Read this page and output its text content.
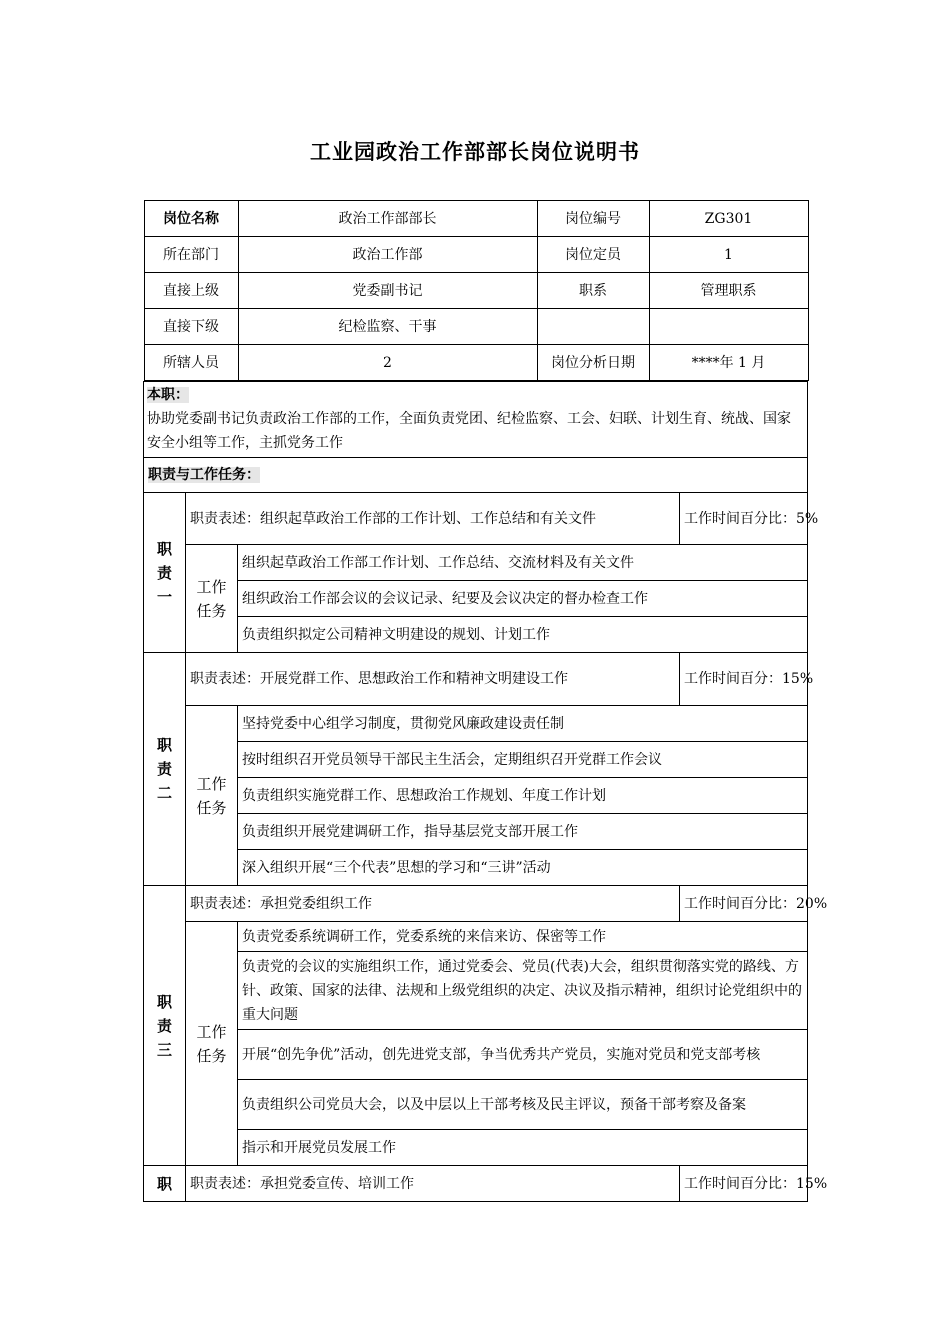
工业园政治工作部部长岗位说明书
岗位名称	政治工作部部长	岗位编号	ZG301
所在部门	政治工作部	岗位定员	1
直接上级	党委副书记	职系	管理职系
直接下级	纪检监察、干事		
所辖人员	2	岗位分析日期	****年 1 月

本职：
协助党委副书记负责政治工作部的工作，全面负责党团、纪检监察、工会、妇联、计划生育、统战、国家安全小组等工作，主抓党务工作
职责与工作任务：

职
责
一
	职责表述：组织起草政治工作部的工作计划、工作总结和有关文件	工作时间百分比：5%

工作
任务
	组织起草政治工作部工作计划、工作总结、交流材料及有关文件
组织政治工作部会议的会议记录、纪要及会议决定的督办检查工作
负责组织拟定公司精神文明建设的规划、计划工作

职
责
二
	职责表述：开展党群工作、思想政治工作和精神文明建设工作	工作时间百分：15%

工作
任务
	坚持党委中心组学习制度，贯彻党风廉政建设责任制
按时组织召开党员领导干部民主生活会，定期组织召开党群工作会议
负责组织实施党群工作、思想政治工作规划、年度工作计划
负责组织开展党建调研工作，指导基层党支部开展工作
深入组织开展“三个代表”思想的学习和“三讲”活动

职
责
三
	职责表述：承担党委组织工作	工作时间百分比：20%

工作
任务
	负责党委系统调研工作，党委系统的来信来访、保密等工作
负责党的会议的实施组织工作，通过党委会、党员(代表)大会，组织贯彻落实党的路线、方针、政策、国家的法律、法规和上级党组织的决定、决议及指示精神，组织讨论党组织中的重大问题
开展“创先争优”活动，创先进党支部，争当优秀共产党员，实施对党员和党支部考核
负责组织公司党员大会，以及中层以上干部考核及民主评议，预备干部考察及备案
指示和开展党员发展工作

职	职责表述：承担党委宣传、培训工作	工作时间百分比：15%
